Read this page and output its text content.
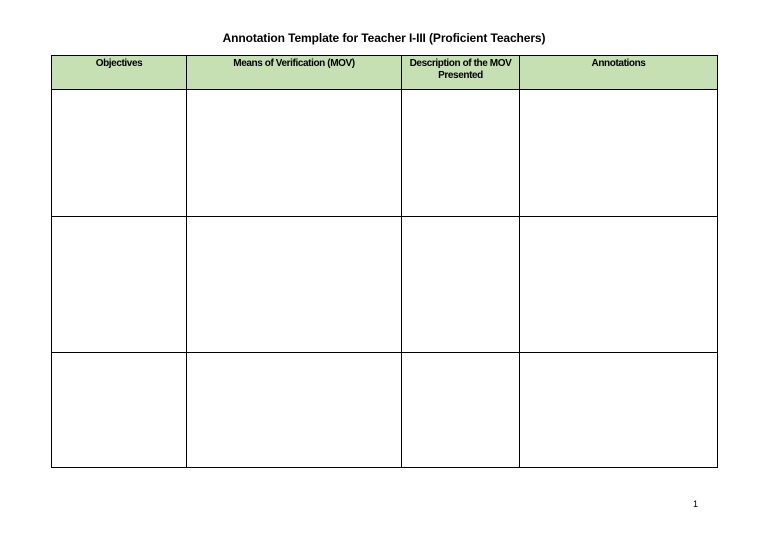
Annotation Template for Teacher I-III (Proficient Teachers)
Objectives	Means of Verification (MOV)	Description of the MOV Presented	Annotations

1
